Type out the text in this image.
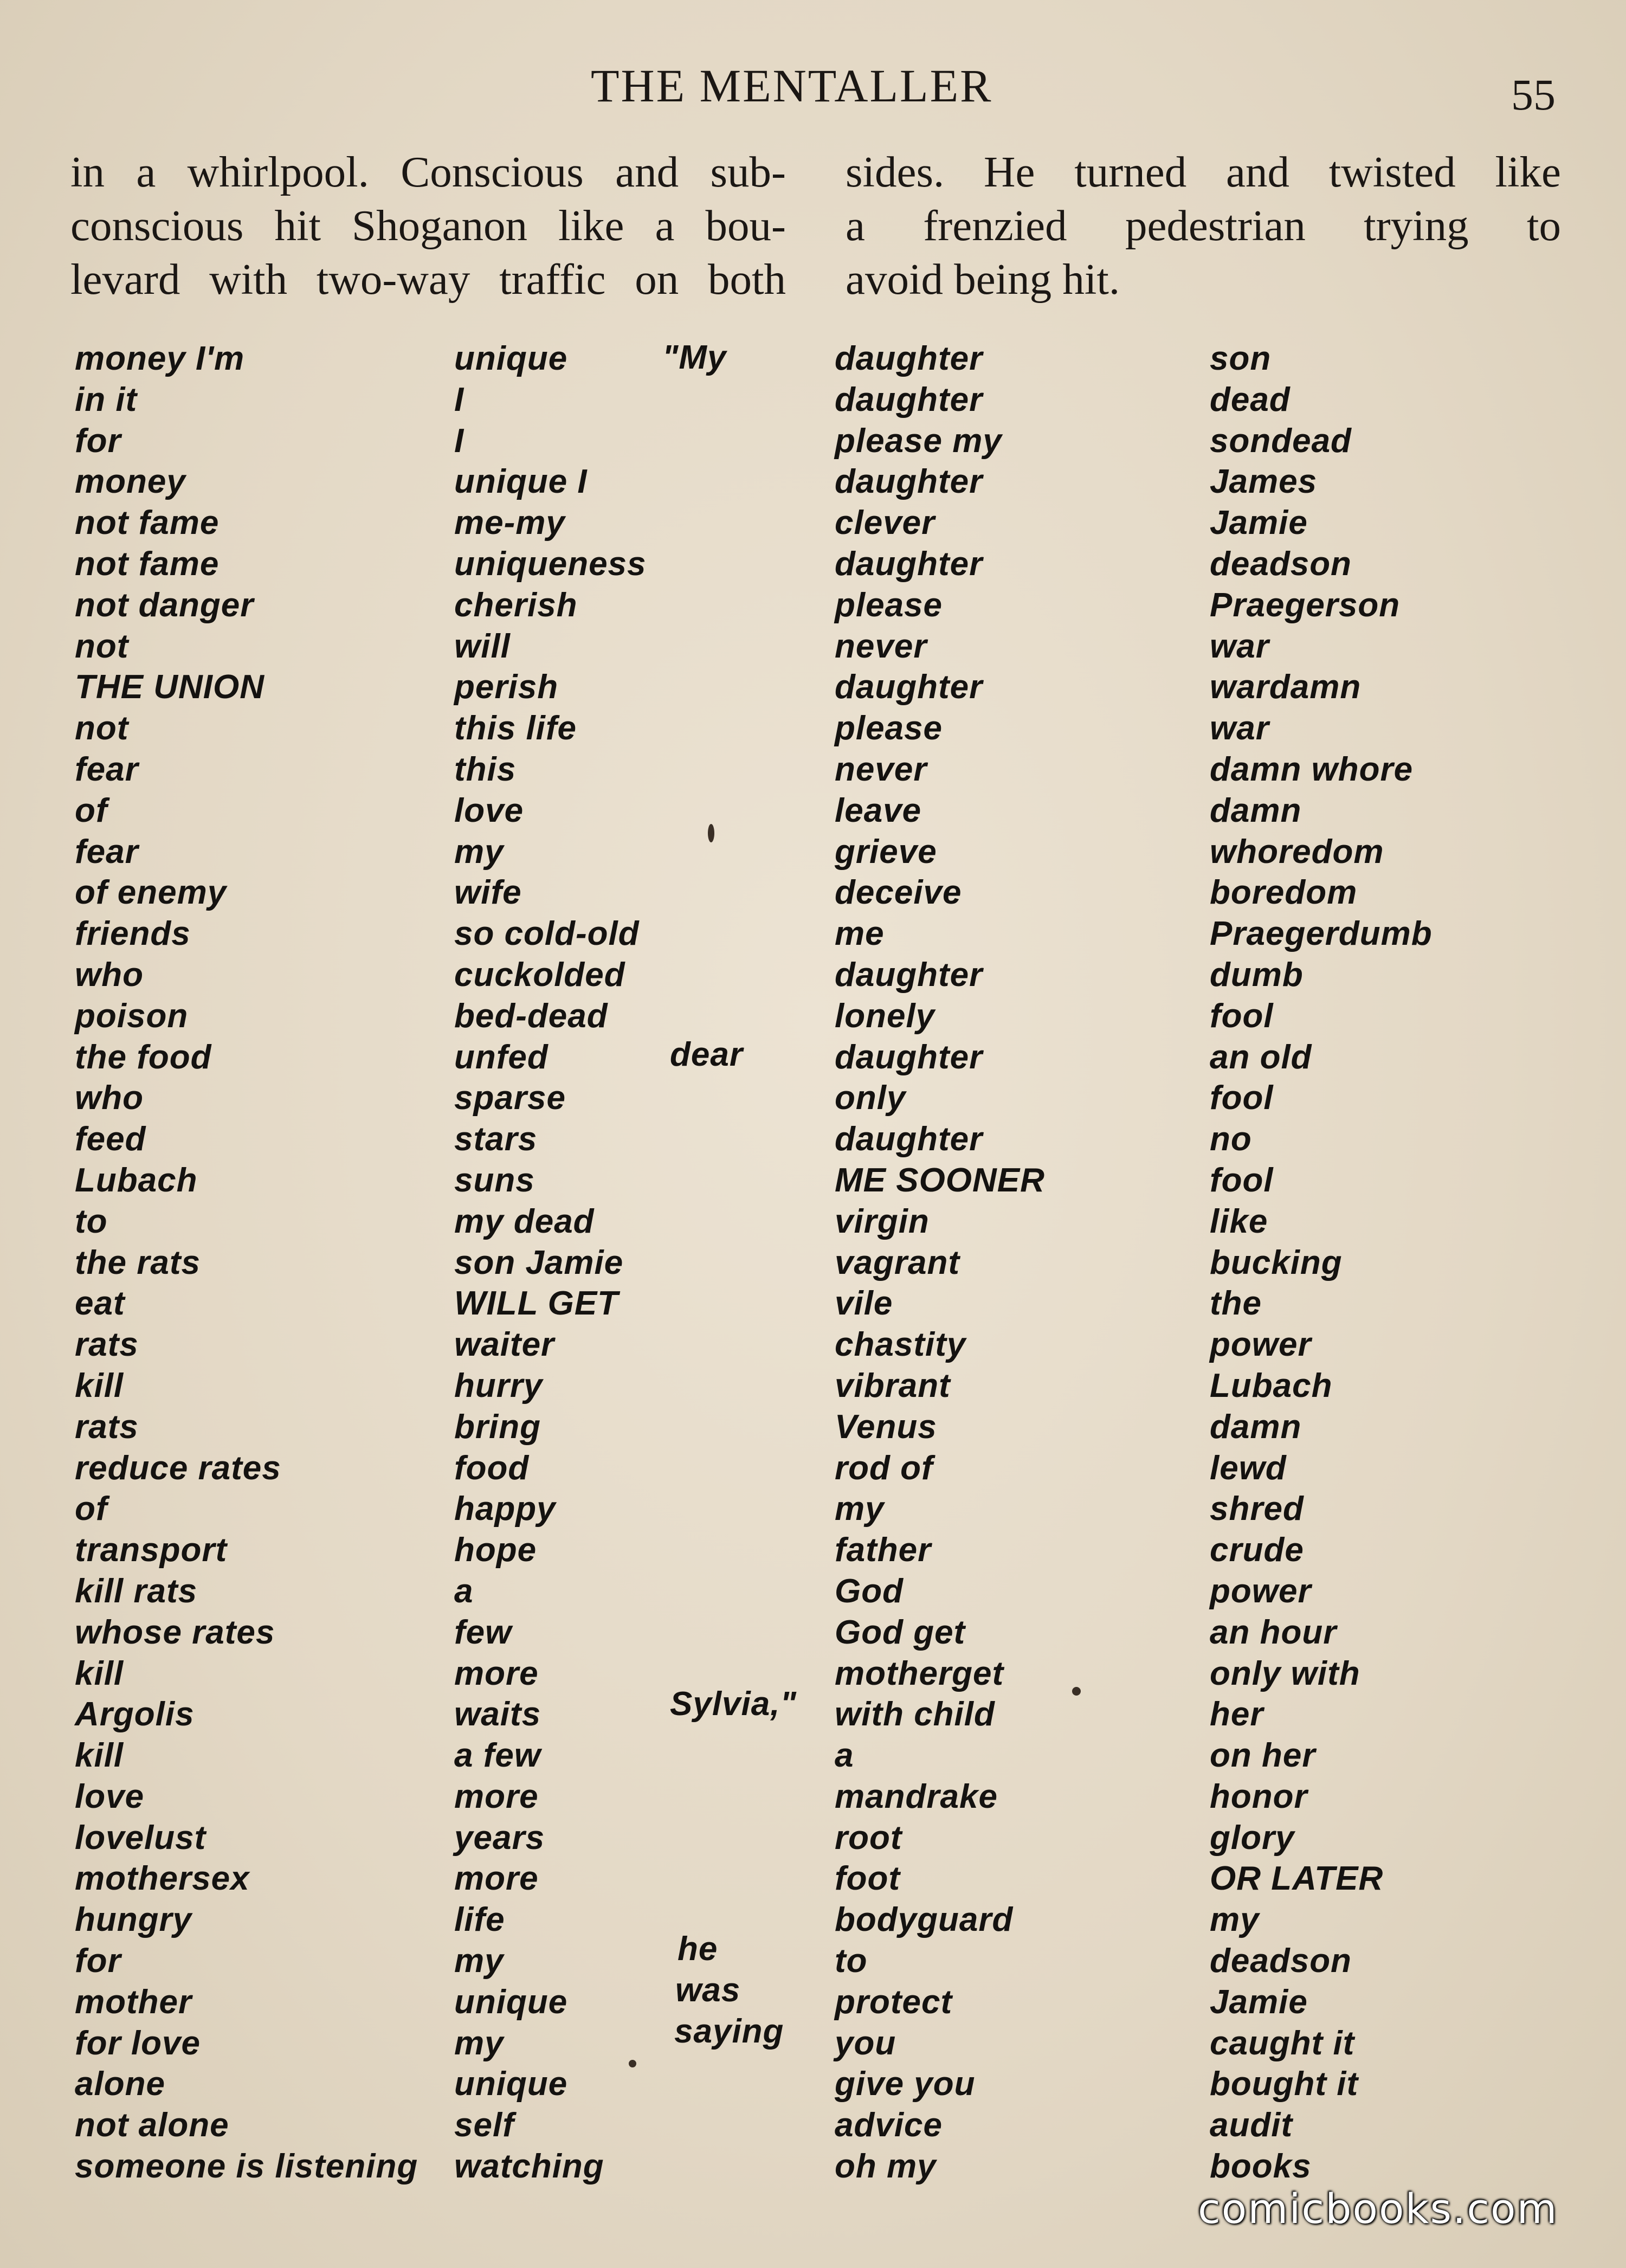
THE MENTALLER	55
in a whirlpool. Conscious and sub-
conscious hit Shoganon like a bou-
levard with two-way traffic on both
sides. He turned and twisted like
a frenzied pedestrian trying to
avoid being hit.
money I'm
in it
for
money
not fame
not fame
not danger
not
THE UNION
not
fear
of
fear
of enemy
friends
who
poison
the food
who
feed
Lubach
to
the rats
eat
rats
kill
rats
reduce rates
of
transport
kill rats
whose rates
kill
Argolis
kill
love
lovelust
mothersex
hungry
for
mother
for love
alone
not alone
someone is listening
unique
I
I
unique I
me-my
uniqueness
cherish
will
perish
this life
this
love
my
wife
so cold-old
cuckolded
bed-dead
unfed
sparse
stars
suns
my dead
son Jamie
WILL GET
waiter
hurry
bring
food
happy
hope
a
few
more
waits
a few
more
years
more
life
my
unique
my
unique
self
watching
daughter
daughter
please my
daughter
clever
daughter
please
never
daughter
please
never
leave
grieve
deceive
me
daughter
lonely
daughter
only
daughter
ME SOONER
virgin
vagrant
vile
chastity
vibrant
Venus
rod of
my
father
God
God get
motherget
with child
a
mandrake
root
foot
bodyguard
to
protect
you
give you
advice
oh my
son
dead
sondead
James
Jamie
deadson
Praegerson
war
wardamn
war
damn whore
damn
whoredom
boredom
Praegerdumb
dumb
fool
an old
fool
no
fool
like
bucking
the
power
Lubach
damn
lewd
shred
crude
power
an hour
only with
her
on her
honor
glory
OR LATER
my
deadson
Jamie
caught it
bought it
audit
books
"My
dear
Sylvia,"
he
was
saying
comicbooks.com
